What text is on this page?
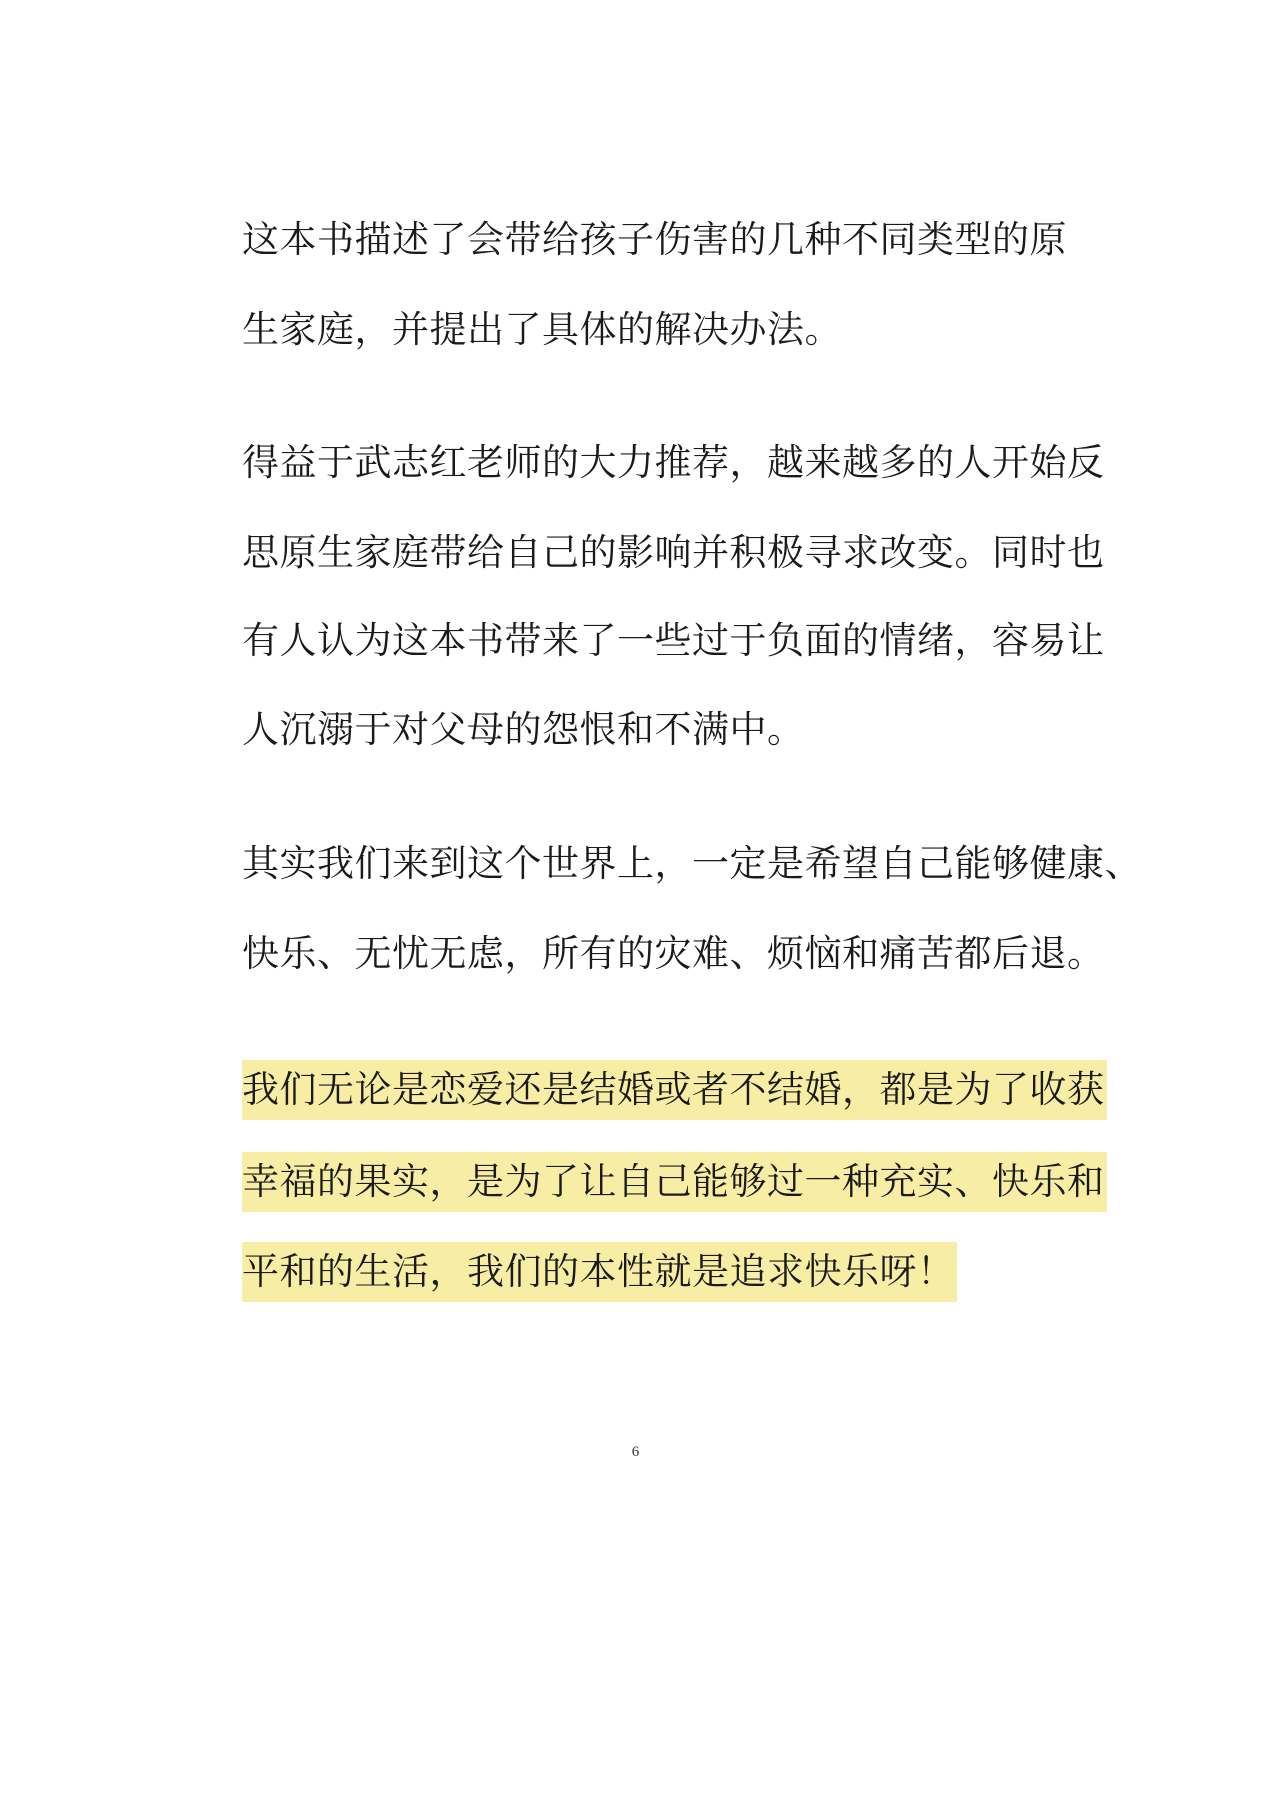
这本书描述了会带给孩子伤害的几种不同类型的原
生家庭，并提出了具体的解决办法。
得益于武志红老师的大力推荐，越来越多的人开始反
思原生家庭带给自己的影响并积极寻求改变。同时也
有人认为这本书带来了一些过于负面的情绪，容易让
人沉溺于对父母的怨恨和不满中。
其实我们来到这个世界上，一定是希望自己能够健康、
快乐、无忧无虑，所有的灾难、烦恼和痛苦都后退。
我们无论是恋爱还是结婚或者不结婚，都是为了收获
幸福的果实，是为了让自己能够过一种充实、快乐和
平和的生活，我们的本性就是追求快乐呀！
6
